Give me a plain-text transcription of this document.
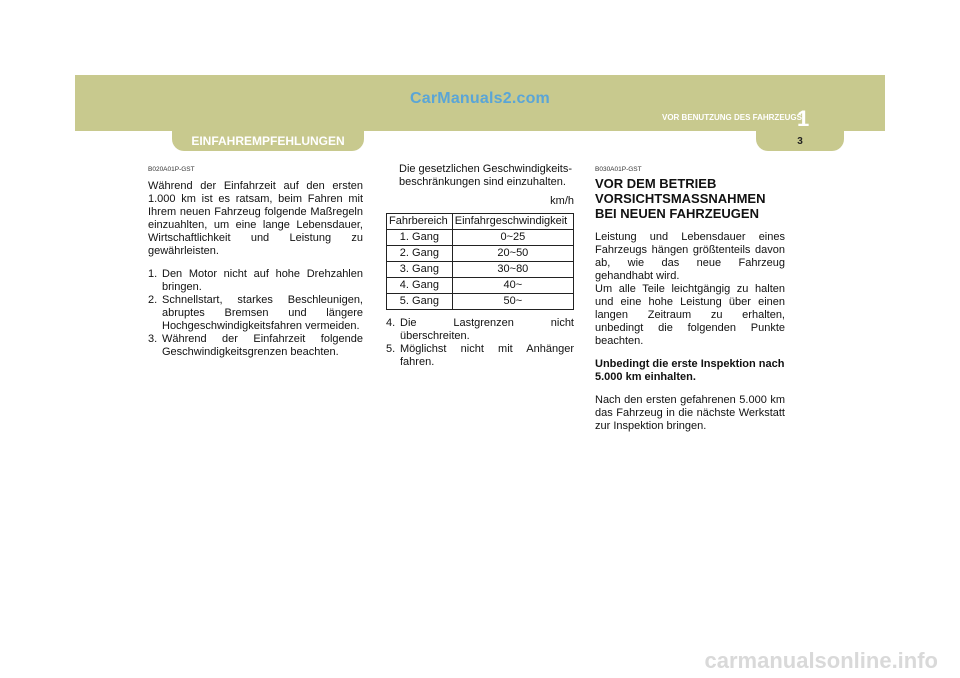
CarManuals2.com
VOR BENUTZUNG DES FAHRZEUGS
1
EINFAHREMPFEHLUNGEN	3
B020A01P-GST

Während der Einfahrzeit auf den ersten 1.000 km ist es ratsam, beim Fahren mit Ihrem neuen Fahrzeug folgende Maßregeln einzuahlten, um eine lange Lebensdauer, Wirtschaftlichkeit und Leistung zu gewährleisten.

1. Den Motor nicht auf hohe Drehzahlen bringen.
2. Schnellstart, starkes Beschleunigen, abruptes Bremsen und längere Hochgeschwindigkeitsfahren vermeiden.
3. Während der Einfahrzeit folgende Geschwindigkeitsgrenzen beachten.

Die gesetzlichen Geschwindigkeits-beschränkungen sind einzuhalten.

km/h
Fahrbereich	Einfahrgeschwindigkeit
1. Gang	0~25
2. Gang	20~50
3. Gang	30~80
4. Gang	40~
5. Gang	50~
4. Die Lastgrenzen nicht überschreiten.
5. Möglichst nicht mit Anhänger fahren.
B030A01P-GST
VOR DEM BETRIEB VORSICHTSMASSNAHMEN BEI NEUEN FAHRZEUGEN

Leistung und Lebensdauer eines Fahrzeugs hängen größtenteils davon ab, wie das neue Fahrzeug gehandhabt wird.

Um alle Teile leichtgängig zu halten und eine hohe Leistung über einen langen Zeitraum zu erhalten, unbedingt die folgenden Punkte beachten.

Unbedingt die erste Inspektion nach 5.000 km einhalten.

Nach den ersten gefahrenen 5.000 km das Fahrzeug in die nächste Werkstatt zur Inspektion bringen.

carmanualsonline.info
